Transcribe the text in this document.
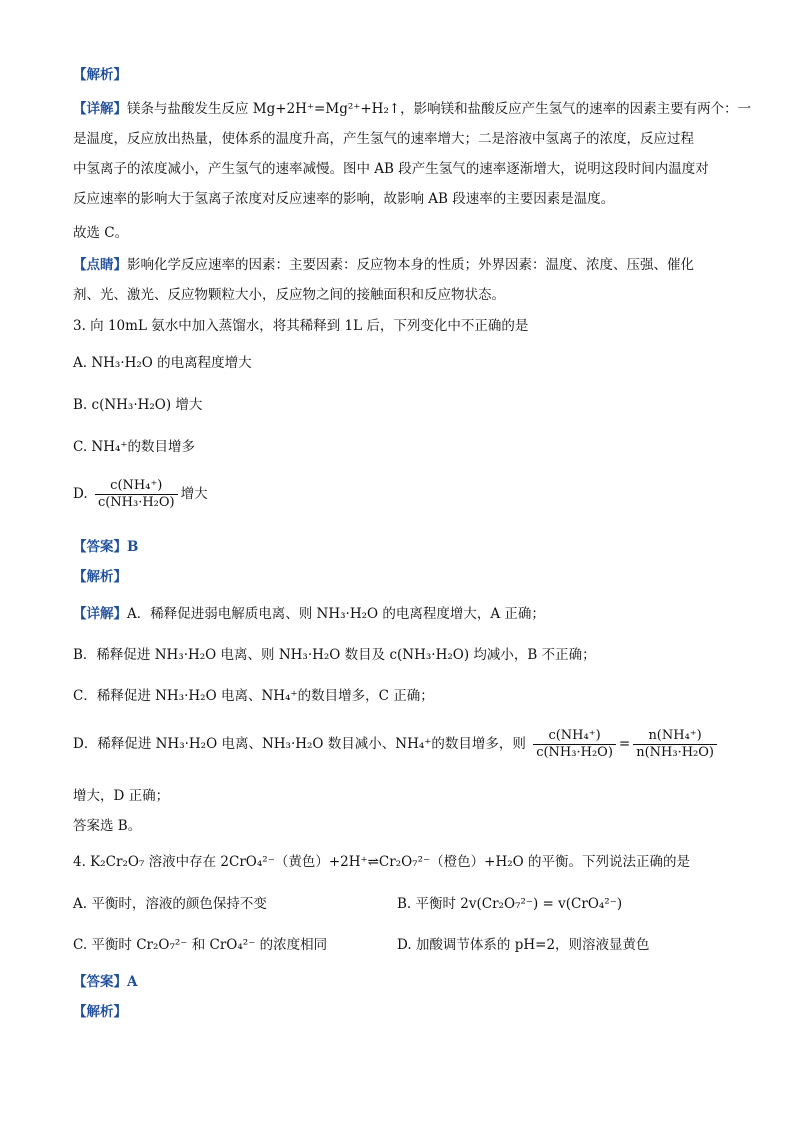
【解析】
【详解】镁条与盐酸发生反应 Mg+2H⁺=Mg²⁺+H₂↑，影响镁和盐酸反应产生氢气的速率的因素主要有两个：一
是温度，反应放出热量，使体系的温度升高，产生氢气的速率增大；二是溶液中氢离子的浓度，反应过程
中氢离子的浓度减小，产生氢气的速率减慢。图中 AB 段产生氢气的速率逐渐增大，说明这段时间内温度对
反应速率的影响大于氢离子浓度对反应速率的影响，故影响 AB 段速率的主要因素是温度。
故选 C。
【点睛】影响化学反应速率的因素：主要因素：反应物本身的性质；外界因素：温度、浓度、压强、催化
剂、光、激光、反应物颗粒大小，反应物之间的接触面积和反应物状态。
3. 向 10mL 氨水中加入蒸馏水，将其稀释到 1L 后，下列变化中不正确的是
A. NH₃·H₂O 的电离程度增大
B. c(NH₃·H₂O) 增大
C. NH₄⁺的数目增多
D. $\frac{\text{c(NH₄⁺)}}{\text{c(NH₃·H₂O)}}$ 增大
【答案】B
【解析】
【详解】A．稀释促进弱电解质电离、则 NH₃·H₂O 的电离程度增大，A 正确；
B．稀释促进 NH₃·H₂O 电离、则 NH₃·H₂O 数目及 c(NH₃·H₂O) 均减小，B 不正确；
C．稀释促进 NH₃·H₂O 电离、NH₄⁺的数目增多，C 正确；
D．稀释促进 NH₃·H₂O 电离、NH₃·H₂O 数目减小、NH₄⁺的数目增多，则 $\frac{\text{c(NH₄⁺)}}{\text{c(NH₃·H₂O)}} = \frac{\text{n(NH₄⁺)}}{\text{n(NH₃·H₂O)}}$
增大，D 正确；
答案选 B。
4. K₂Cr₂O₇ 溶液中存在 2CrO₄²⁻（黄色）+2H⁺⇌Cr₂O₇²⁻（橙色）+H₂O 的平衡。下列说法正确的是
A. 平衡时，溶液的颜色保持不变	B. 平衡时 2v(Cr₂O₇²⁻) = v(CrO₄²⁻)
C. 平衡时 Cr₂O₇²⁻ 和 CrO₄²⁻ 的浓度相同	D. 加酸调节体系的 pH=2，则溶液显黄色
【答案】A
【解析】
